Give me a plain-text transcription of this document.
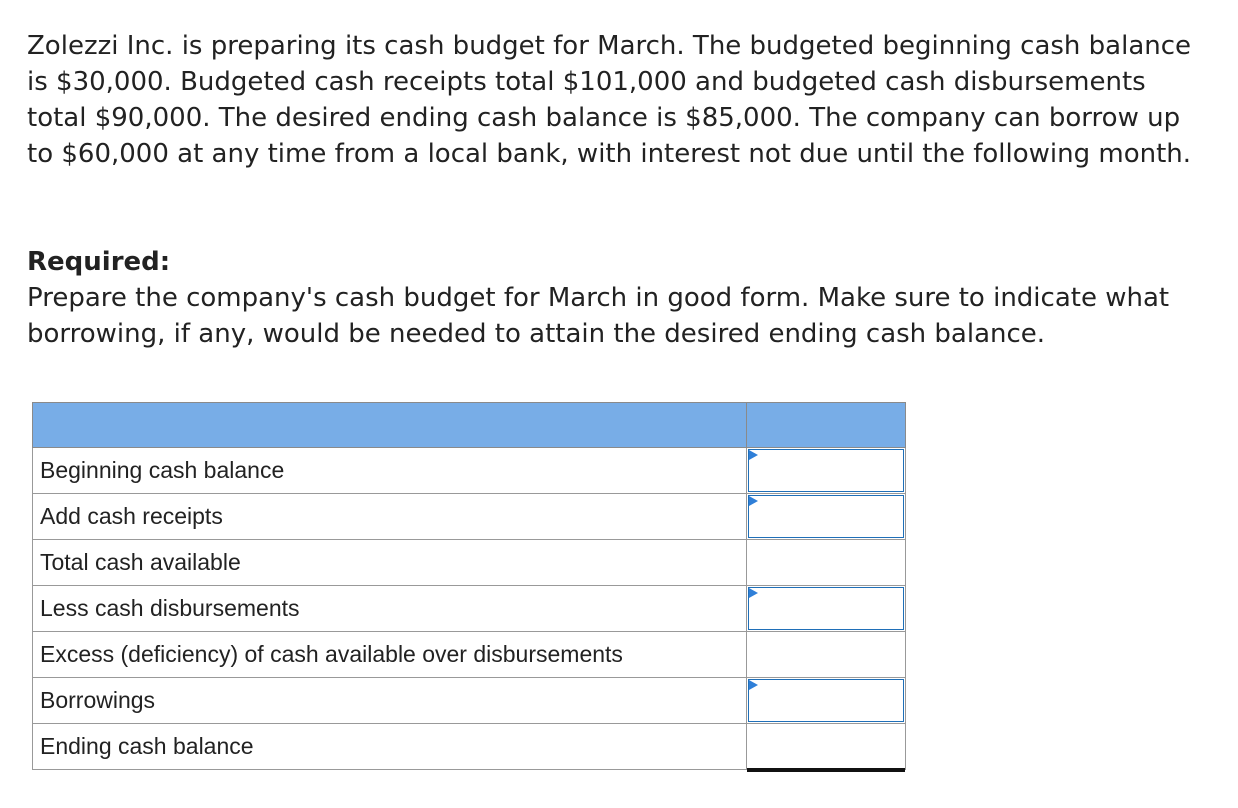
Zolezzi Inc. is preparing its cash budget for March. The budgeted beginning cash balance is $30,000. Budgeted cash receipts total $101,000 and budgeted cash disbursements total $90,000. The desired ending cash balance is $85,000. The company can borrow up to $60,000 at any time from a local bank, with interest not due until the following month.

Required:
Prepare the company's cash budget for March in good form. Make sure to indicate what borrowing, if any, would be needed to attain the desired ending cash balance.

Beginning cash balance	

Add cash receipts	

Total cash available	

Less cash disbursements	

Excess (deficiency) of cash available over disbursements	

Borrowings	

Ending cash balance	
